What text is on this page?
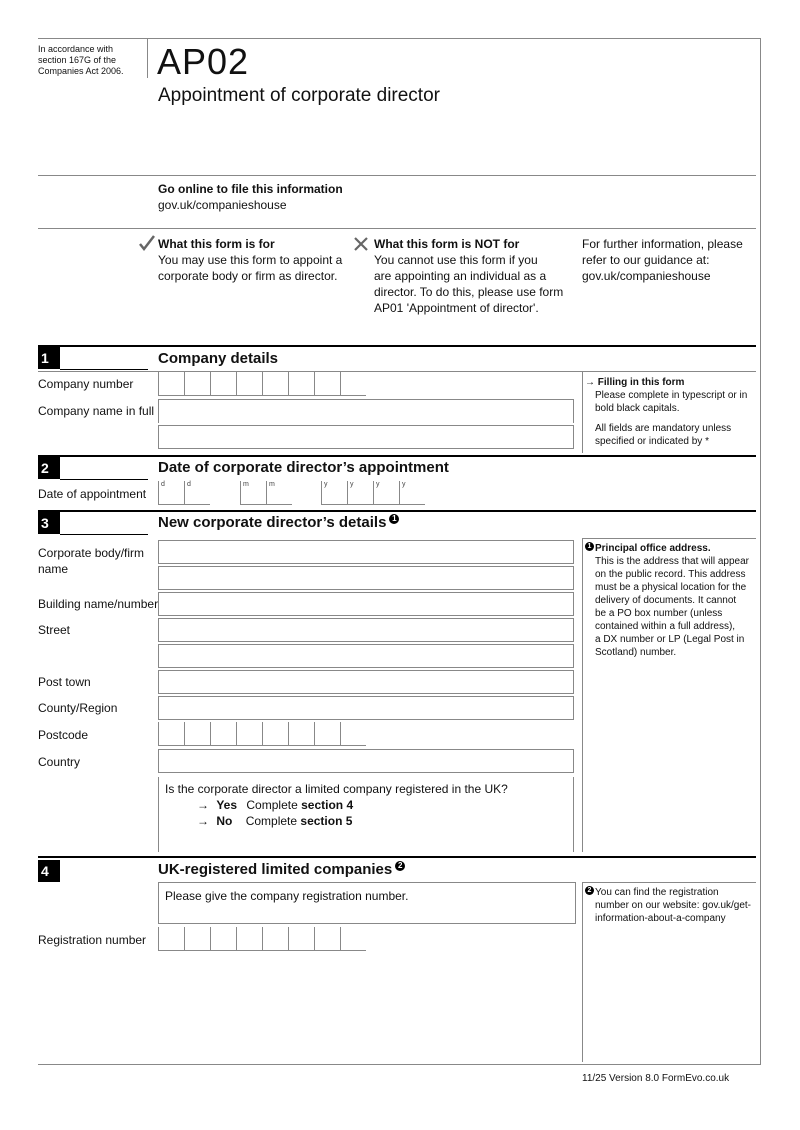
In accordance with
section 167G of the
Companies Act 2006. AP02
Appointment of corporate director
Go online to file this information
gov.uk/companieshouse
What this form is for
You may use this form to appoint a
corporate body or firm as director.
What this form is NOT for
You cannot use this form if you
are appointing an individual as a
director. To do this, please use form
AP01 'Appointment of director'.
For further information, please
refer to our guidance at:
gov.uk/companieshouse
1	Company details
Company number
Company name in full
→ Filling in this form
Please complete in typescript or in
bold black capitals.
All fields are mandatory unless
specified or indicated by *
2	Date of corporate director’s appointment
Date of appointment
d	d	m	m	y	y	y	y
3	New corporate director’s details 1
Corporate body/firm
name
Building name/number
Street
Post town
County/Region
Postcode
Country
Is the corporate director a limited company registered in the UK?
→ Yes Complete section 4
→ No Complete section 5
1 Principal office address.
This is the address that will appear
on the public record. This address
must be a physical location for the
delivery of documents. It cannot
be a PO box number (unless
contained within a full address),
a DX number or LP (Legal Post in
Scotland) number.
4	UK-registered limited companies 2
Please give the company registration number.
Registration number
2 You can find the registration
number on our website: gov.uk/get-
information-about-a-company
11/25 Version 8.0 FormEvo.co.uk
